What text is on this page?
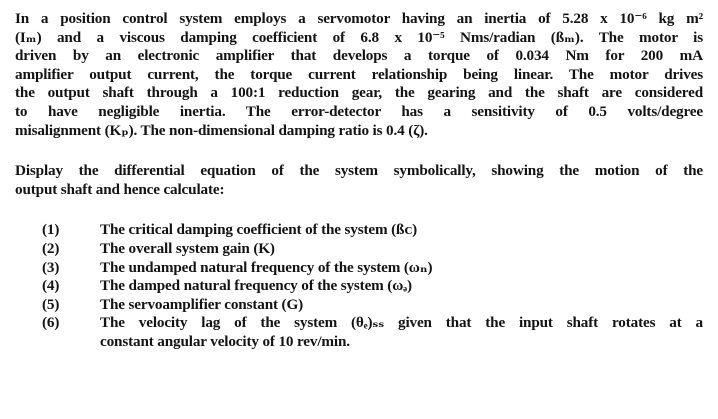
In a position control system employs a servomotor having an inertia of 5.28 x 10⁻⁶ kg m²
(Iₘ) and a viscous damping coefficient of 6.8 x 10⁻⁵ Nms/radian (ßₘ). The motor is
driven by an electronic amplifier that develops a torque of 0.034 Nm for 200 mA
amplifier output current, the torque current relationship being linear. The motor drives
the output shaft through a 100:1 reduction gear, the gearing and the shaft are considered
to have negligible inertia. The error-detector has a sensitivity of 0.5 volts/degree
misalignment (Kₚ). The non-dimensional damping ratio is 0.4 (ζ).

Display the differential equation of the system symbolically, showing the motion of the
output shaft and hence calculate:

(1)	The critical damping coefficient of the system (ßᴄ)
(2)	The overall system gain (K)
(3)	The undamped natural frequency of the system (ωₙ)
(4)	The damped natural frequency of the system (ωₔ)
(5)	The servoamplifier constant (G)
(6)	The velocity lag of the system (θₑ)ₛₛ given that the input shaft rotates at a
constant angular velocity of 10 rev/min.
